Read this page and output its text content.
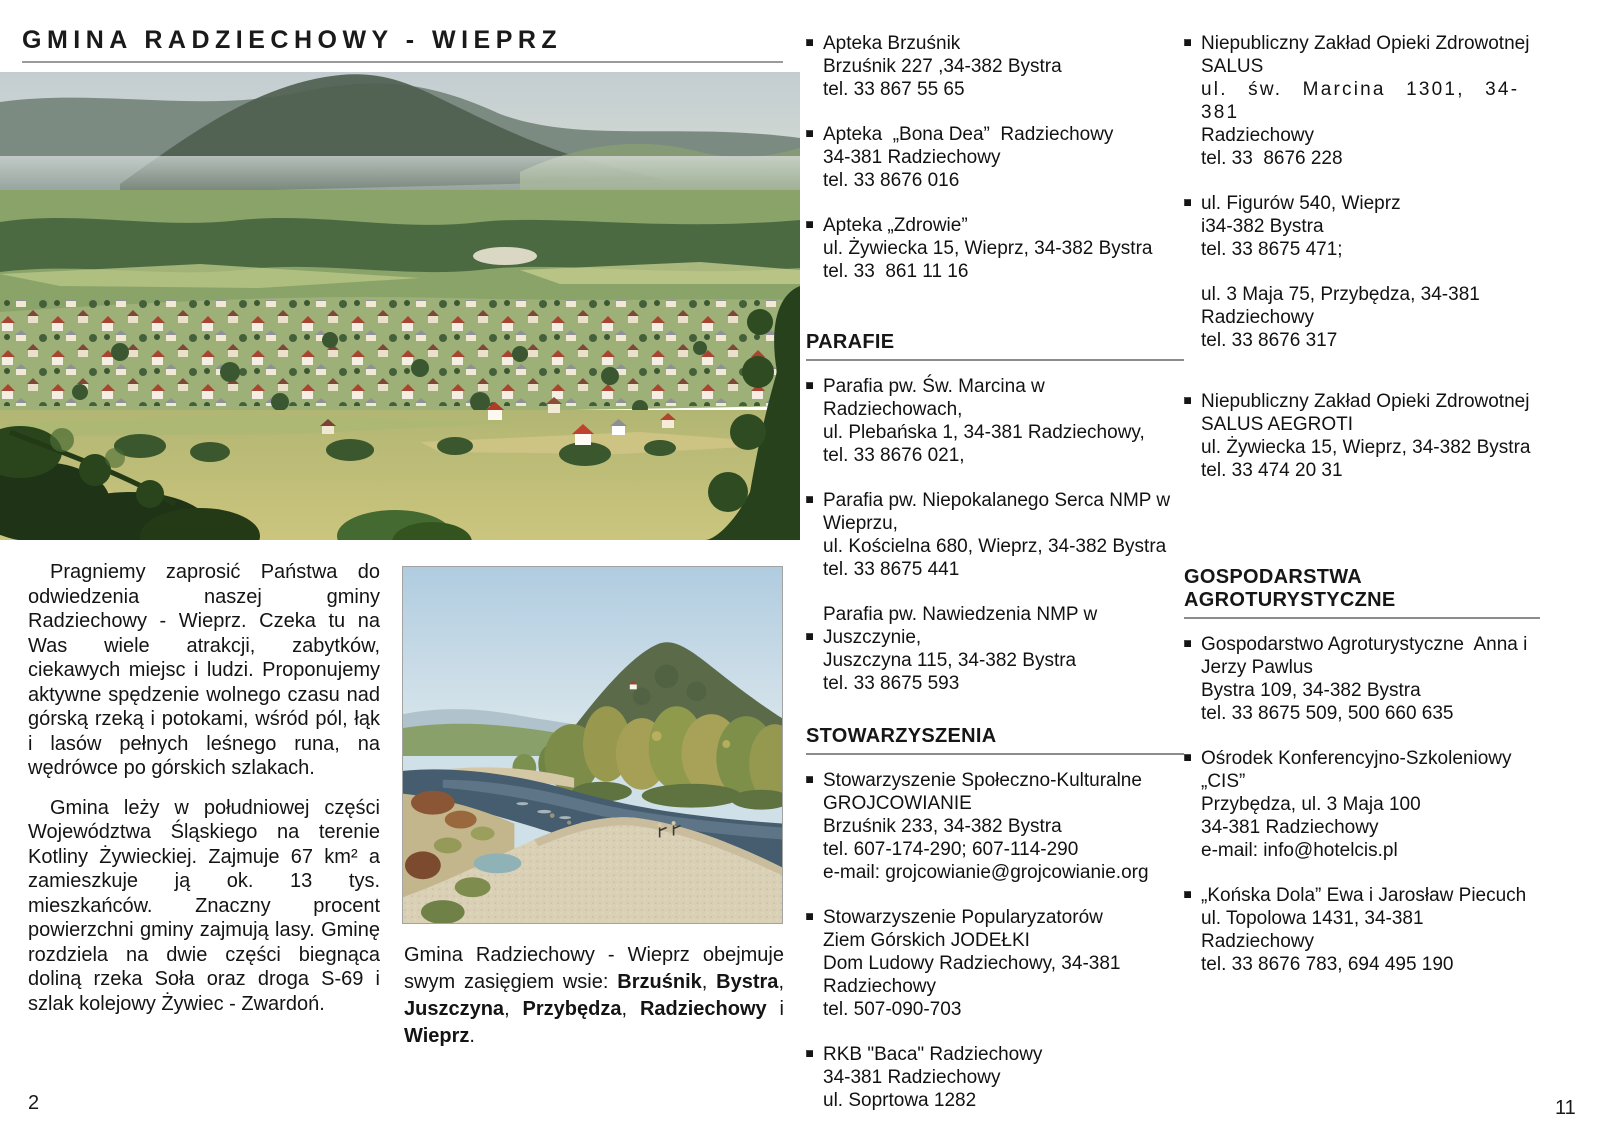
GMINA RADZIECHOWY - WIEPRZ

Pragniemy zaprosić Państwa do odwiedzenia naszej gminy Radziechowy - Wieprz. Czeka tu na Was wiele atrakcji, zabytków, ciekawych miejsc i ludzi. Proponujemy aktywne spędzenie wolnego czasu nad górską rzeką i potokami, wśród pól, łąk i lasów pełnych leśnego runa, na wędrówce po górskich szlakach.

Gmina leży w południowej części Województwa Śląskiego na terenie Kotliny Żywieckiej. Zajmuje 67 km² a zamieszkuje ją ok. 13 tys. mieszkańców. Znaczny procent powierzchni gminy zajmują lasy. Gminę rozdziela na dwie części biegnąca doliną rzeka Soła oraz droga S-69 i szlak kolejowy Żywiec - Zwardoń.

Gmina Radziechowy - Wieprz obejmuje swym zasięgiem wsie: Brzuśnik, Bystra, Juszczyna, Przybędza, Radziechowy i Wieprz.
Apteka Brzuśnik
Brzuśnik 227 ,34-382 Bystra
tel. 33 867 55 65
Apteka  „Bona Dea”  Radziechowy
34-381 Radziechowy
tel. 33 8676 016
Apteka „Zdrowie”
ul. Żywiecka 15, Wieprz, 34-382 Bystra
tel. 33  861 11 16
PARAFIE
Parafia pw. Św. Marcina w
Radziechowach,
ul. Plebańska 1, 34-381 Radziechowy,
tel. 33 8676 021,
Parafia pw. Niepokalanego Serca NMP w
Wieprzu,
ul. Kościelna 680, Wieprz, 34-382 Bystra
tel. 33 8675 441
Parafia pw. Nawiedzenia NMP w
Juszczynie,
Juszczyna 115, 34-382 Bystra
tel. 33 8675 593
STOWARZYSZENIA
Stowarzyszenie Społeczno-Kulturalne
GROJCOWIANIE
Brzuśnik 233, 34-382 Bystra
tel. 607-174-290; 607-114-290
e-mail: grojcowianie@grojcowianie.org
Stowarzyszenie Popularyzatorów
Ziem Górskich JODEŁKI
Dom Ludowy Radziechowy, 34-381
Radziechowy
tel. 507-090-703
RKB "Baca" Radziechowy
34-381 Radziechowy
ul. Soprtowa 1282
Niepubliczny Zakład Opieki Zdrowotnej
SALUS
ul. św. Marcina 1301, 34-381
Radziechowy
tel. 33  8676 228
ul. Figurów 540, Wieprz
i34-382 Bystra
tel. 33 8675 471;
ul. 3 Maja 75, Przybędza, 34-381
Radziechowy
tel. 33 8676 317
Niepubliczny Zakład Opieki Zdrowotnej
SALUS AEGROTI
ul. Żywiecka 15, Wieprz, 34-382 Bystra
tel. 33 474 20 31
GOSPODARSTWA AGROTURYSTYCZNE
Gospodarstwo Agroturystyczne  Anna i
Jerzy Pawlus
Bystra 109, 34-382 Bystra
tel. 33 8675 509, 500 660 635
Ośrodek Konferencyjno-Szkoleniowy
„CIS”
Przybędza, ul. 3 Maja 100
34-381 Radziechowy
e-mail: info@hotelcis.pl
„Końska Dola” Ewa i Jarosław Piecuch
ul. Topolowa 1431, 34-381
Radziechowy
tel. 33 8676 783, 694 495 190
2	11
